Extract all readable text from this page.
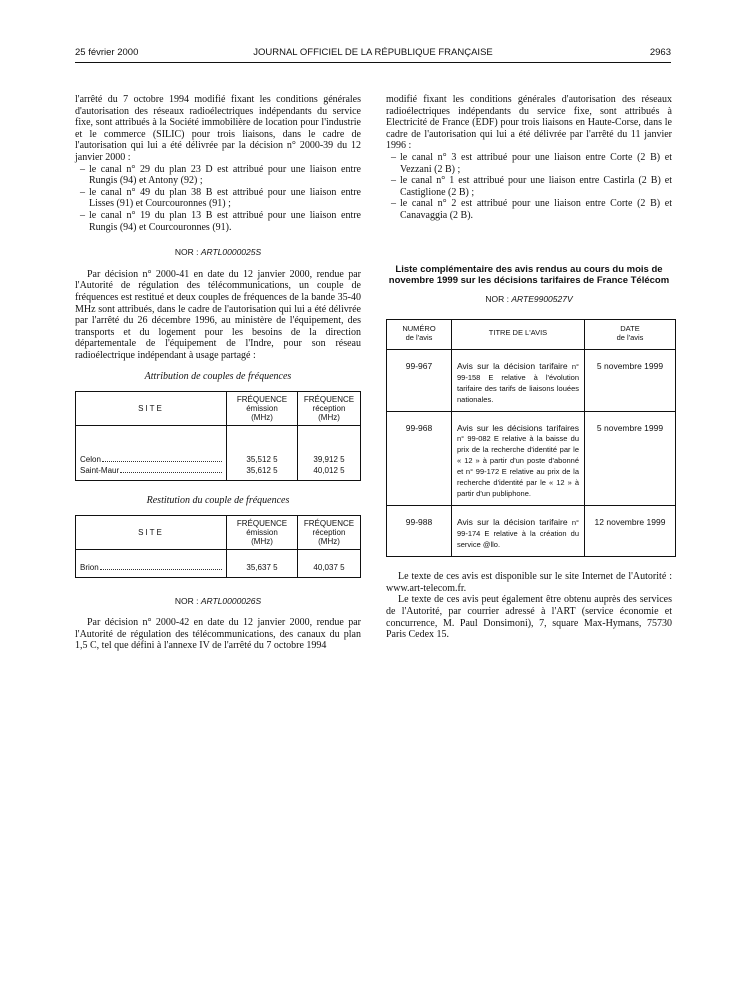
25 février 2000	JOURNAL OFFICIEL DE LA RÉPUBLIQUE FRANÇAISE	2963

l'arrêté du 7 octobre 1994 modifié fixant les conditions générales d'autorisation des réseaux radioélectriques indépendants du service fixe, sont attribués à la Société immobilière de location pour l'industrie et le commerce (SILIC) pour trois liaisons, dans le cadre de l'autorisation qui lui a été délivrée par la décision n° 2000-39 du 12 janvier 2000 :

– le canal n° 29 du plan 23 D est attribué pour une liaison entre Rungis (94) et Antony (92) ;
– le canal n° 49 du plan 38 B est attribué pour une liaison entre Lisses (91) et Courcouronnes (91) ;
– le canal n° 19 du plan 13 B est attribué pour une liaison entre Rungis (94) et Courcouronnes (91).
NOR : ARTL0000025S

Par décision n° 2000-41 en date du 12 janvier 2000, rendue par l'Autorité de régulation des télécommunications, un couple de fréquences est restitué et deux couples de fréquences de la bande 35-40 MHz sont attribués, dans le cadre de l'autorisation qui lui a été délivrée par l'arrêté du 26 décembre 1996, au ministère de l'équipement, des transports et du logement pour les besoins de la direction départementale de l'équipement de l'Indre, pour son réseau radioélectrique indépendant à usage partagé :

Attribution de couples de fréquences
SITE	FRÉQUENCE
émission
(MHz)	FRÉQUENCE
réception
(MHz)

Celon	35,512 5	39,912 5

Saint-Maur	35,612 5	40,012 5
Restitution du couple de fréquences
SITE	FRÉQUENCE
émission
(MHz)	FRÉQUENCE
réception
(MHz)

Brion	35,637 5	40,037 5
NOR : ARTL0000026S

Par décision n° 2000-42 en date du 12 janvier 2000, rendue par l'Autorité de régulation des télécommunications, des canaux du plan 1,5 C, tel que défini à l'annexe IV de l'arrêté du 7 octobre 1994

modifié fixant les conditions générales d'autorisation des réseaux radioélectriques indépendants du service fixe, sont attribués à Electricité de France (EDF) pour trois liaisons en Haute-Corse, dans le cadre de l'autorisation qui lui a été délivrée par l'arrêté du 11 janvier 1996 :

– le canal n° 3 est attribué pour une liaison entre Corte (2 B) et Vezzani (2 B) ;
– le canal n° 1 est attribué pour une liaison entre Castirla (2 B) et Castiglione (2 B) ;
– le canal n° 2 est attribué pour une liaison entre Corte (2 B) et Canavaggia (2 B).
Liste complémentaire des avis rendus au cours du mois de novembre 1999 sur les décisions tarifaires de France Télécom
NOR : ARTE9900527V
NUMÉRO
de l'avis	TITRE DE L'AVIS	DATE
de l'avis
99-967	Avis sur la décision tarifaire n° 99-158 E relative à l'évolution tarifaire des tarifs de liaisons louées nationales.	5 novembre 1999
99-968	Avis sur les décisions tarifaires n° 99-082 E relative à la baisse du prix de la recherche d'identité par le « 12 » à partir d'un poste d'abonné et n° 99-172 E relative au prix de la recherche d'identité par le « 12 » à partir d'un publiphone.	5 novembre 1999
99-988	Avis sur la décision tarifaire n° 99-174 E relative à la création du service @llo.	12 novembre 1999

Le texte de ces avis est disponible sur le site Internet de l'Autorité : www.art-telecom.fr.

Le texte de ces avis peut également être obtenu auprès des services de l'Autorité, par courrier adressé à l'ART (service économie et concurrence, M. Paul Donsimoni), 7, square Max-Hymans, 75730 Paris Cedex 15.
